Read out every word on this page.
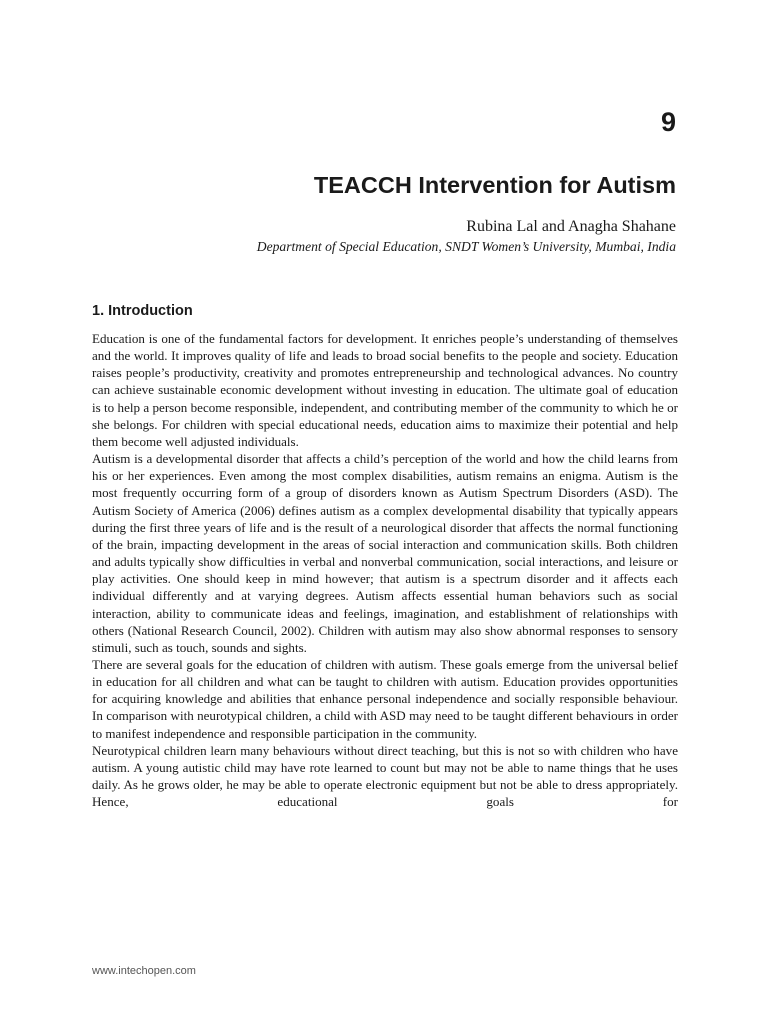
9
TEACCH Intervention for Autism
Rubina Lal and Anagha Shahane
Department of Special Education, SNDT Women’s University, Mumbai, India
1. Introduction

Education is one of the fundamental factors for development. It enriches people’s understanding of themselves and the world. It improves quality of life and leads to broad social benefits to the people and society. Education raises people’s productivity, creativity and promotes entrepreneurship and technological advances. No country can achieve sustainable economic development without investing in education. The ultimate goal of education is to help a person become responsible, independent, and contributing member of the community to which he or she belongs. For children with special educational needs, education aims to maximize their potential and help them become well adjusted individuals.

Autism is a developmental disorder that affects a child’s perception of the world and how the child learns from his or her experiences. Even among the most complex disabilities, autism remains an enigma. Autism is the most frequently occurring form of a group of disorders known as Autism Spectrum Disorders (ASD). The Autism Society of America (2006) defines autism as a complex developmental disability that typically appears during the first three years of life and is the result of a neurological disorder that affects the normal functioning of the brain, impacting development in the areas of social interaction and communication skills. Both children and adults typically show difficulties in verbal and nonverbal communication, social interactions, and leisure or play activities. One should keep in mind however; that autism is a spectrum disorder and it affects each individual differently and at varying degrees. Autism affects essential human behaviors such as social interaction, ability to communicate ideas and feelings, imagination, and establishment of relationships with others (National Research Council, 2002). Children with autism may also show abnormal responses to sensory stimuli, such as touch, sounds and sights.

There are several goals for the education of children with autism. These goals emerge from the universal belief in education for all children and what can be taught to children with autism. Education provides opportunities for acquiring knowledge and abilities that enhance personal independence and socially responsible behaviour. In comparison with neurotypical children, a child with ASD may need to be taught different behaviours in order to manifest independence and responsible participation in the community.

Neurotypical children learn many behaviours without direct teaching, but this is not so with children who have autism. A young autistic child may have rote learned to count but may not be able to name things that he uses daily. As he grows older, he may be able to operate electronic equipment but not be able to dress appropriately. Hence, educational goals for

www.intechopen.com
